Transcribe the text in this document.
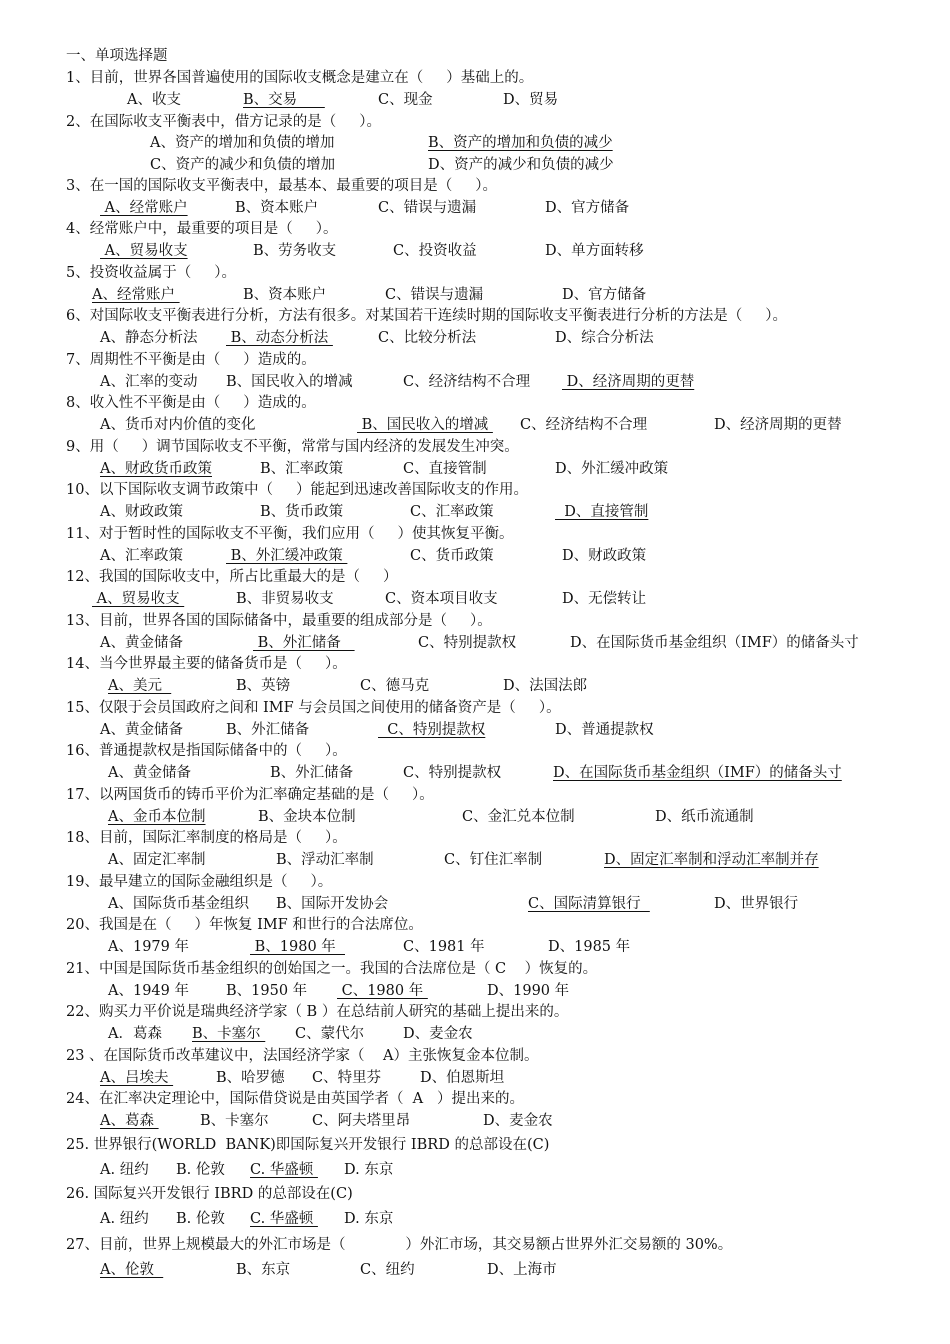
一、单项选择题
1、目前，世界各国普遍使用的国际收支概念是建立在（     ）基础上的。
A、收支	B、交易	C、现金	D、贸易
2、在国际收支平衡表中，借方记录的是（     ）。
A、资产的增加和负债的增加	B、资产的增加和负债的减少
C、资产的减少和负债的增加	D、资产的减少和负债的减少
3、在一国的国际收支平衡表中，最基本、最重要的项目是（     ）。
A、经常账户	B、资本账户	C、错误与遗漏	D、官方储备
4、经常账户中，最重要的项目是（     ）。
A、贸易收支	B、劳务收支	C、投资收益	D、单方面转移
5、投资收益属于（     ）。
A、经常账户	B、资本账户	C、错误与遗漏	D、官方储备
6、对国际收支平衡表进行分析，方法有很多。对某国若干连续时期的国际收支平衡表进行分析的方法是（     ）。
A、静态分析法 B、动态分析法	C、比较分析法	D、综合分析法
7、周期性不平衡是由（     ）造成的。
A、汇率的变动 B、国民收入的增减	C、经济结构不合理 D、经济周期的更替
8、收入性不平衡是由（     ）造成的。
A、货币对内价值的变化	B、国民收入的增减 C、经济结构不合理	D、经济周期的更替
9、用（     ）调节国际收支不平衡，常常与国内经济的发展发生冲突。
A、财政货币政策	B、汇率政策	C、直接管制	D、外汇缓冲政策
10、以下国际收支调节政策中（     ）能起到迅速改善国际收支的作用。
A、财政政策	B、货币政策	C、汇率政策	D、直接管制
11、对于暂时性的国际收支不平衡，我们应用（     ）使其恢复平衡。
A、汇率政策	B、外汇缓冲政策	C、货币政策	D、财政政策
12、我国的国际收支中，所占比重最大的是（     ）
A、贸易收支	B、非贸易收支	C、资本项目收支	D、无偿转让
13、目前，世界各国的国际储备中，最重要的组成部分是（     ）。
A、黄金储备	B、外汇储备	C、特别提款权	D、在国际货币基金组织（IMF）的储备头寸
14、当今世界最主要的储备货币是（     ）。
A、美元	B、英镑	C、德马克	D、法国法郎
15、仅限于会员国政府之间和 IMF 与会员国之间使用的储备资产是（     ）。
A、黄金储备	B、外汇储备	C、特别提款权	D、普通提款权
16、普通提款权是指国际储备中的（     ）。
A、黄金储备	B、外汇储备	C、特别提款权	D、在国际货币基金组织（IMF）的储备头寸
17、以两国货币的铸币平价为汇率确定基础的是（     ）。
A、金币本位制	B、金块本位制	C、金汇兑本位制	D、纸币流通制
18、目前，国际汇率制度的格局是（     ）。
A、固定汇率制	B、浮动汇率制	C、钉住汇率制	D、固定汇率制和浮动汇率制并存
19、最早建立的国际金融组织是（     ）。
A、国际货币基金组织 B、国际开发协会	C、国际清算银行	D、世界银行
20、我国是在（     ）年恢复 IMF 和世行的合法席位。
A、1979 年	B、1980 年	C、1981 年	D、1985 年
21、中国是国际货币基金组织的创始国之一。我国的合法席位是（ C    ）恢复的。
A、1949 年	B、1950 年 C、1980 年	D、1990 年
22、购买力平价说是瑞典经济学家（ B ）在总结前人研究的基础上提出来的。
A．葛森 B、卡塞尔 C、蒙代尔	D、麦金农
23 、在国际货币改革建议中，法国经济学家（    A）主张恢复金本位制。
A、吕埃夫	B、哈罗德 C、特里芬	D、伯恩斯坦
24、在汇率决定理论中，国际借贷说是由英国学者（  A   ）提出来的。
A、葛森	B、卡塞尔	C、阿夫塔里昂	D、麦金农
25. 世界银行(WORLD  BANK)即国际复兴开发银行 IBRD 的总部设在(C)
A. 纽约 B. 伦敦 C. 华盛顿 D. 东京
26. 国际复兴开发银行 IBRD 的总部设在(C)
A. 纽约 B. 伦敦 C. 华盛顿 D. 东京
27、目前，世界上规模最大的外汇市场是（             ）外汇市场，其交易额占世界外汇交易额的 30%。
A、伦敦	B、东京	C、纽约	D、上海市
